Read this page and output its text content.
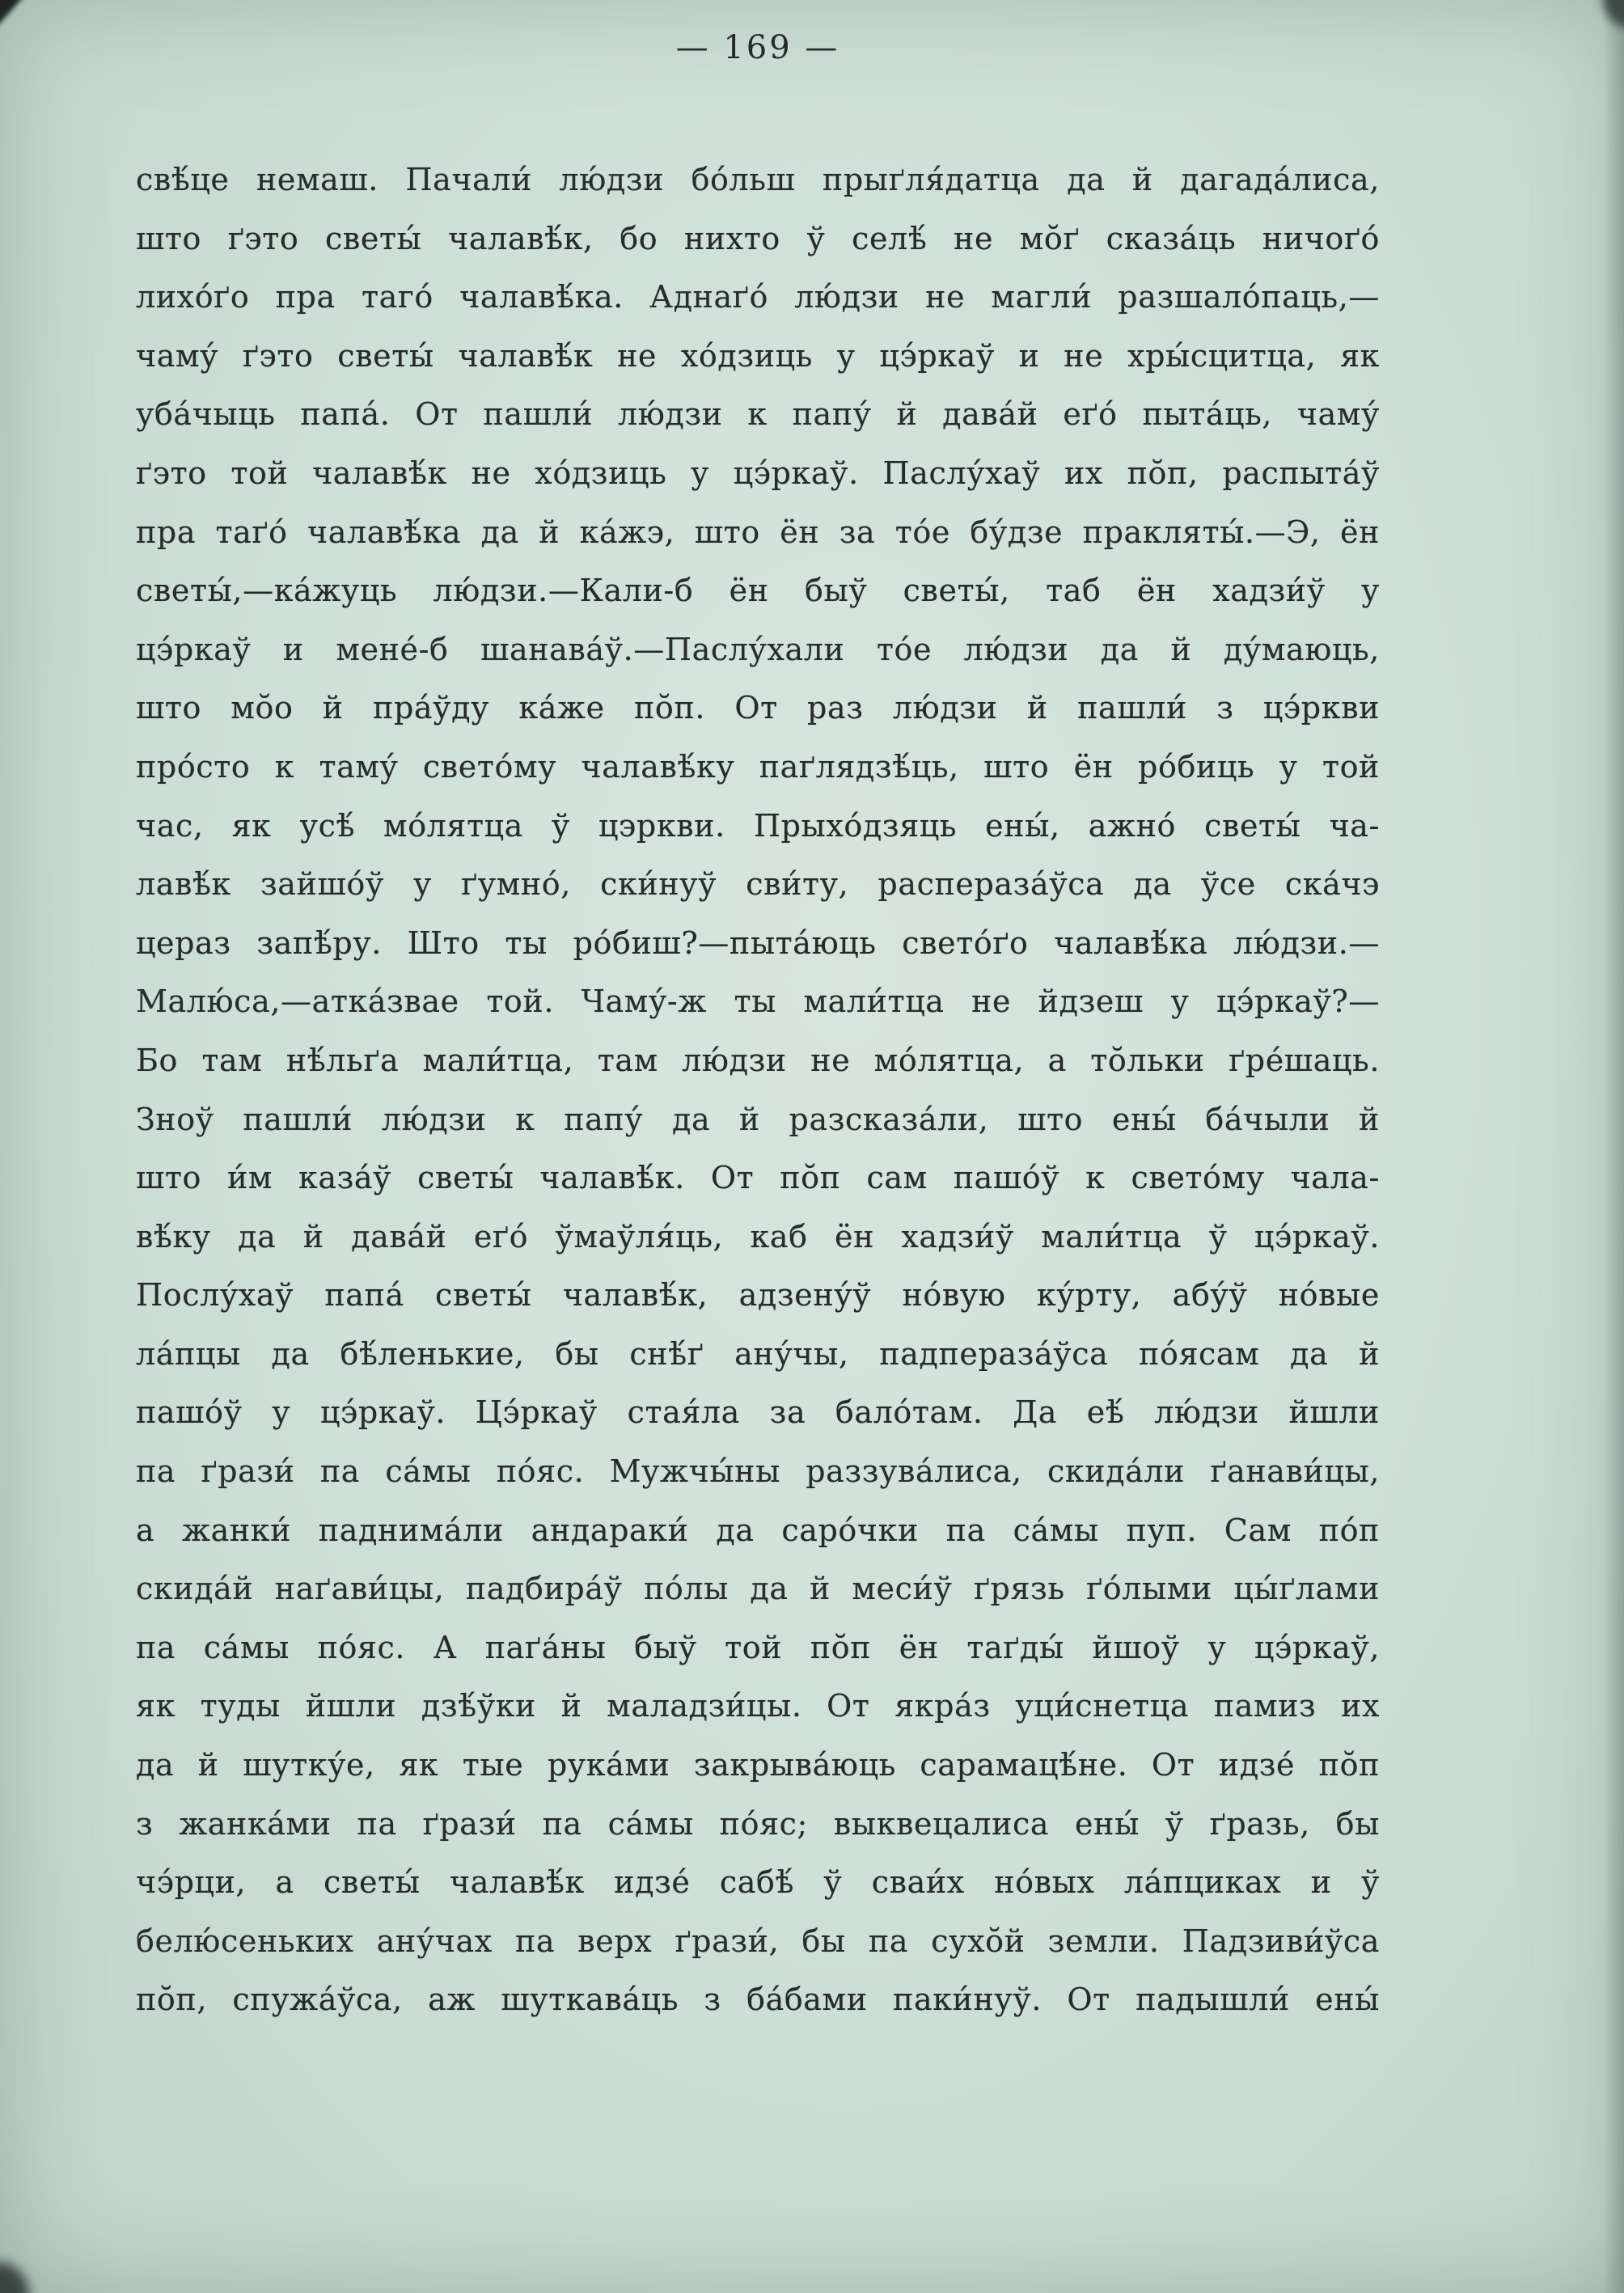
— 169 —
свѣ́це немаш. Пачали́ лю́дзи бо́льш прыґля́датца да й дагада́лиса,
што ґэто светы́ чалавѣ́к, бо нихто ў селѣ́ не мо̆ґ сказа́ць ничоґо́
лихо́ґо пра таго́ чалавѣ́ка. Аднаґо́ лю́дзи не магли́ разшало́паць,—
чаму́ ґэто светы́ чалавѣ́к не хо́дзиць у цэ́ркаў и не хры́сцитца, як
уба́чыць папа́. От пашли́ лю́дзи к папу́ й дава́й еґо́ пыта́ць, чаму́
ґэто той чалавѣ́к не хо́дзиць у цэ́ркаў. Паслу́хаў их по̆п, распыта́ў
пра таґо́ чалавѣ́ка да й ка́жэ, што ён за то́е бу́дзе пракляты́.—Э, ён
светы́,—ка́жуць лю́дзи.—Кали-б ён быў светы́, таб ён хадзи́ў у
цэ́ркаў и мене́-б шанава́ў.—Паслу́хали то́е лю́дзи да й ду́маюць,
што мо̆о й пра́ўду ка́же по̆п. От раз лю́дзи й пашли́ з цэ́ркви
про́сто к таму́ свето́му чалавѣ́ку паґлядзѣ́ць, што ён ро́биць у той
час, як усѣ́ мо́лятца ў цэркви. Прыхо́дзяць ены́, ажно́ светы́ ча-
лавѣ́к зайшо́ў у ґумно́, ски́нуў сви́ту, распераза́ўса да ўсе ска́чэ
цераз запѣ́ру. Што ты ро́биш?—пыта́юць свето́ґо чалавѣ́ка лю́дзи.—
Малю́са,—атка́звае той. Чаму́-ж ты мали́тца не йдзеш у цэ́ркаў?—
Бо там нѣ́льґа мали́тца, там лю́дзи не мо́лятца, а то̆льки ґре́шаць.
Зноў пашли́ лю́дзи к папу́ да й разсказа́ли, што ены́ ба́чыли й
што и́м каза́ў светы́ чалавѣ́к. От по̆п сам пашо́ў к свето́му чала-
вѣ́ку да й дава́й еґо́ ўмаўля́ць, каб ён хадзи́ў мали́тца ў цэ́ркаў.
Послу́хаў папа́ светы́ чалавѣ́к, адзену́ў но́вую ку́рту, абу́ў но́вые
ла́пцы да бѣ́ленькие, бы снѣ́ґ ану́чы, падпераза́ўса по́ясам да й
пашо́ў у цэ́ркаў. Цэ́ркаў стая́ла за бало́там. Да еѣ́ лю́дзи йшли
па ґрази́ па са́мы по́яс. Мужчы́ны раззува́лиса, скида́ли ґанави́цы,
а жанки́ паднима́ли андараки́ да саро́чки па са́мы пуп. Сам по́п
скида́й наґави́цы, падбира́ў по́лы да й меси́ў ґрязь ґо́лыми цы́ґлами
па са́мы по́яс. А паґа́ны быў той по̆п ён таґды́ йшоў у цэ́ркаў,
як туды йшли дзѣ́ўки й маладзи́цы. От якра́з уци́снетца памиз их
да й шутку́е, як тые рука́ми закрыва́юць сарамацѣ́не. От идзе́ по̆п
з жанка́ми па ґрази́ па са́мы по́яс; выквецалиса ены́ ў ґразь, бы
чэ́рци, а светы́ чалавѣ́к идзе́ сабѣ́ ў сваи́х но́вых ла́пциках и ў
белю́сеньких ану́чах па верх ґрази́, бы па сухо̆й земли. Падзиви́ўса
по̆п, спужа́ўса, аж шуткава́ць з ба́бами паки́нуў. От падышли́ ены́
